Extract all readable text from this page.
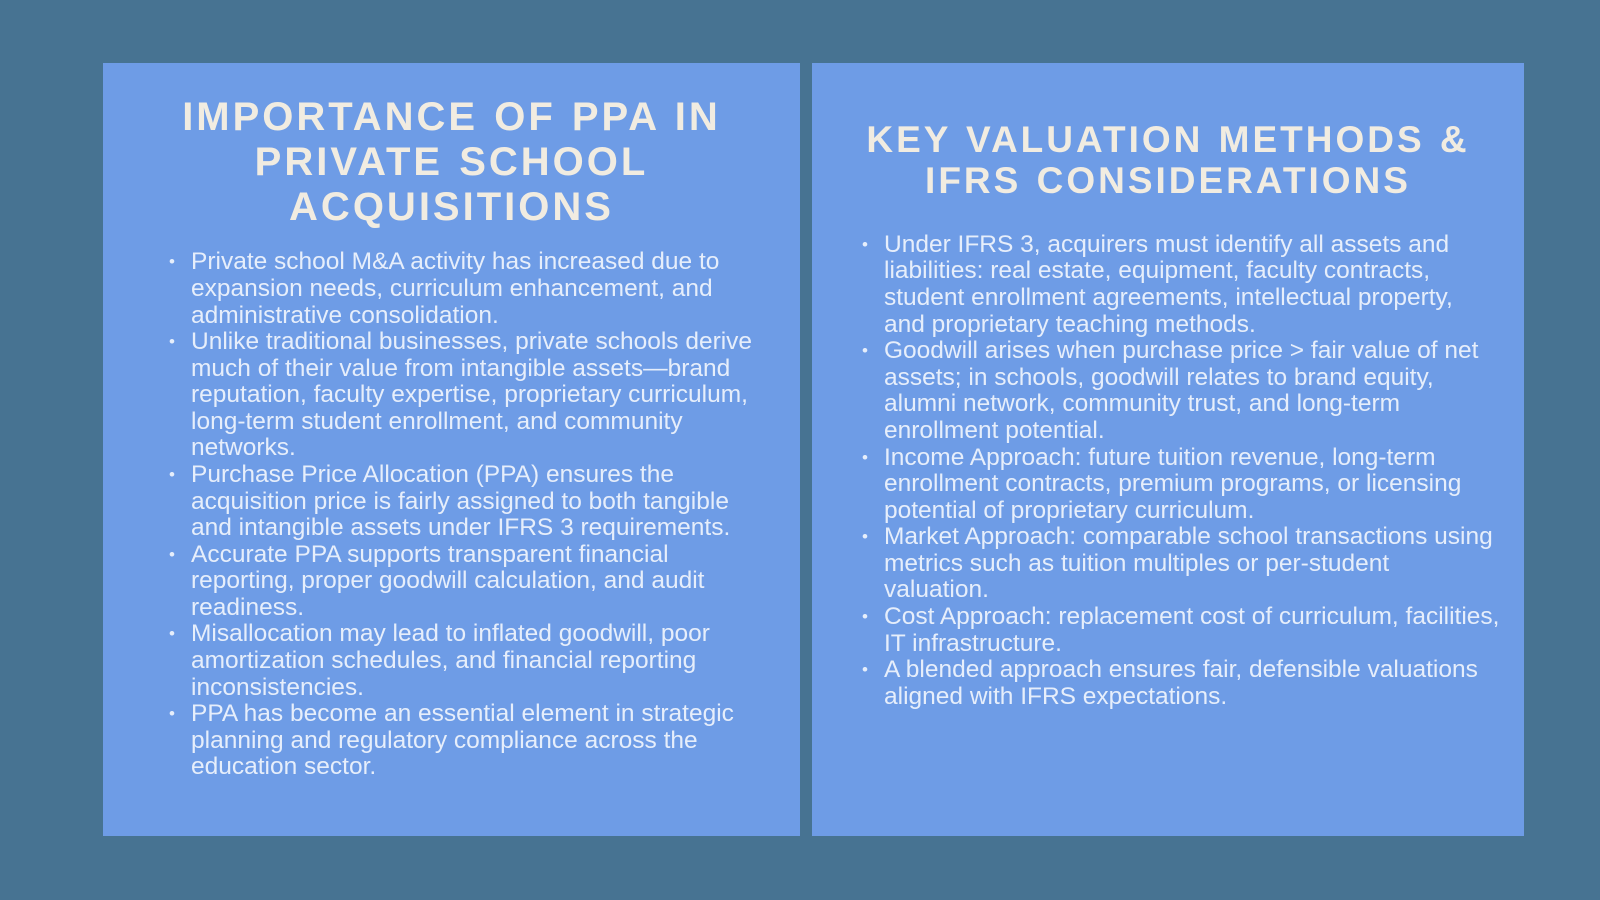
IMPORTANCE OF PPA IN PRIVATE SCHOOL ACQUISITIONS
• Private school M&A activity has increased due to expansion needs, curriculum enhancement, and administrative consolidation.
• Unlike traditional businesses, private schools derive much of their value from intangible assets—brand reputation, faculty expertise, proprietary curriculum, long-term student enrollment, and community networks.
• Purchase Price Allocation (PPA) ensures the acquisition price is fairly assigned to both tangible and intangible assets under IFRS 3 requirements.
• Accurate PPA supports transparent financial reporting, proper goodwill calculation, and audit readiness.
• Misallocation may lead to inflated goodwill, poor amortization schedules, and financial reporting inconsistencies.
• PPA has become an essential element in strategic planning and regulatory compliance across the education sector.
KEY VALUATION METHODS & IFRS CONSIDERATIONS
• Under IFRS 3, acquirers must identify all assets and liabilities: real estate, equipment, faculty contracts, student enrollment agreements, intellectual property, and proprietary teaching methods.
• Goodwill arises when purchase price > fair value of net assets; in schools, goodwill relates to brand equity, alumni network, community trust, and long-term enrollment potential.
• Income Approach: future tuition revenue, long-term enrollment contracts, premium programs, or licensing potential of proprietary curriculum.
• Market Approach: comparable school transactions using metrics such as tuition multiples or per-student valuation.
• Cost Approach: replacement cost of curriculum, facilities, IT infrastructure.
• A blended approach ensures fair, defensible valuations aligned with IFRS expectations.
